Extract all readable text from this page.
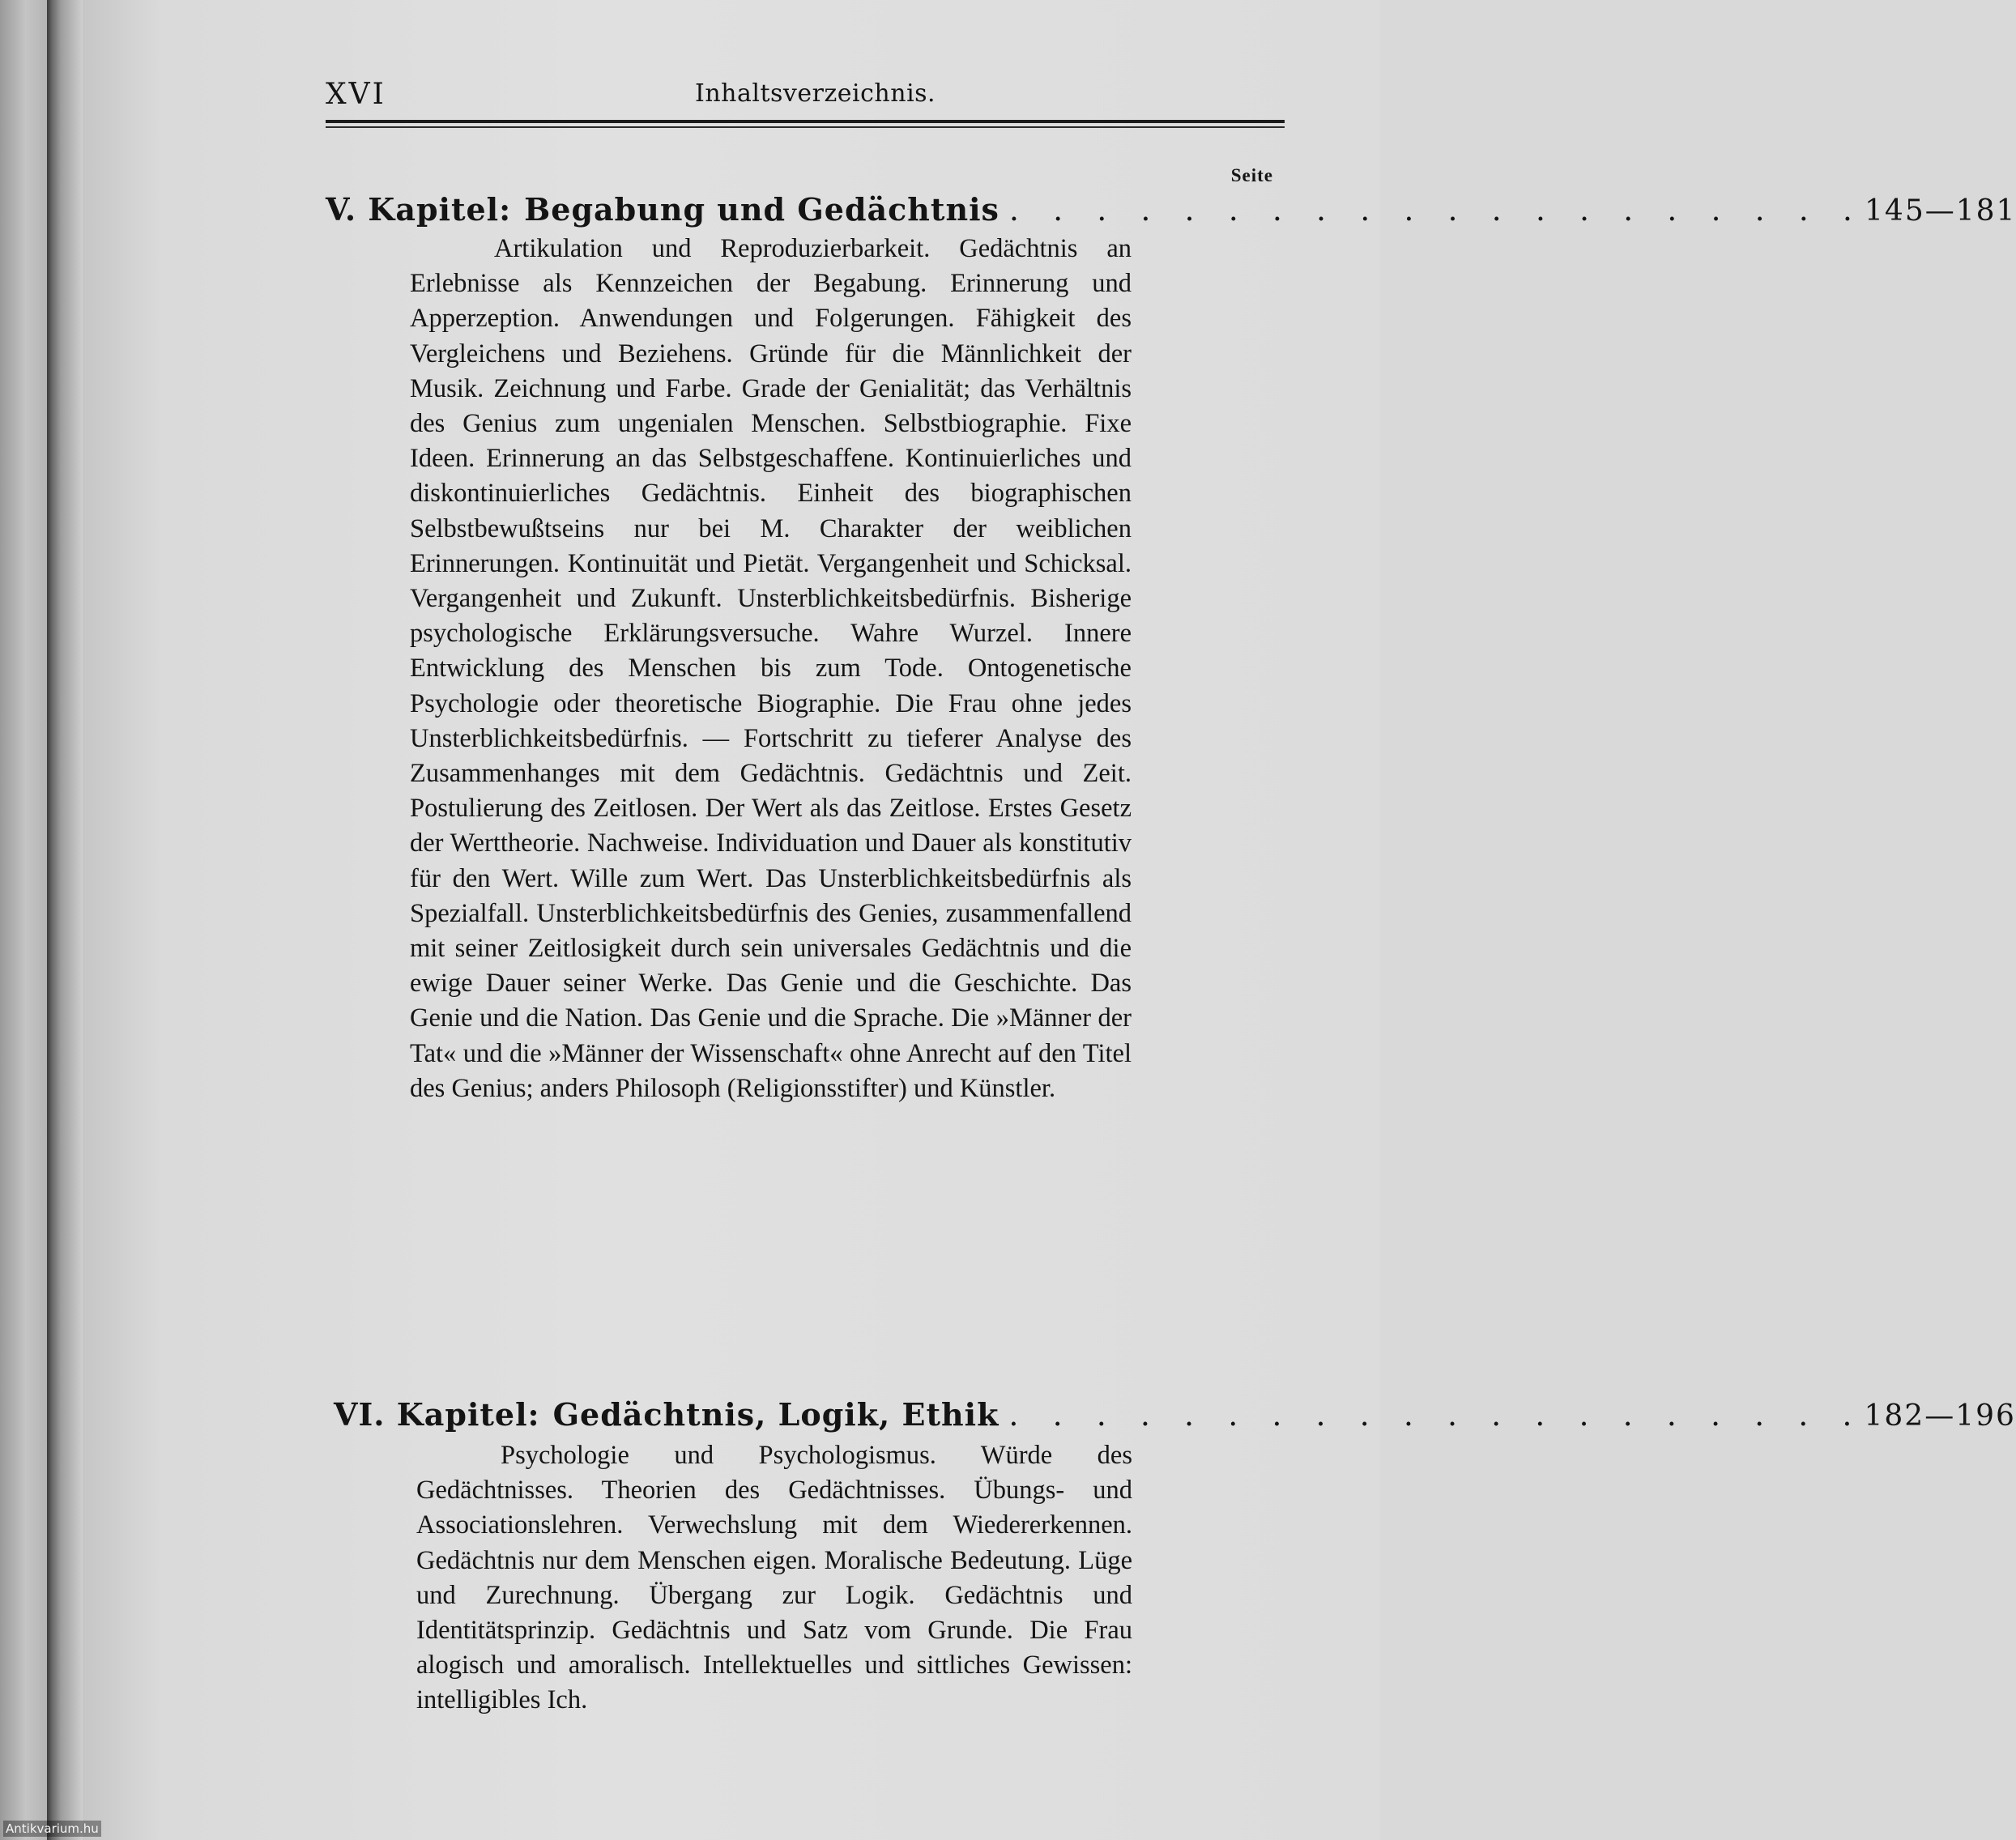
XVI	Inhaltsverzeichnis.
Seite
V. Kapitel: Begabung und Gedächtnis . . . . . . . . . . . . . . . . . . . . 145—181
Artikulation und Reproduzierbarkeit. Gedächtnis an Erlebnisse als Kennzeichen der Begabung. Erinnerung und Apperzeption. Anwendungen und Folgerungen. Fähigkeit des Vergleichens und Beziehens. Gründe für die Männlichkeit der Musik. Zeichnung und Farbe. Grade der Genialität; das Verhältnis des Genius zum ungenialen Menschen. Selbstbiographie. Fixe Ideen. Erinnerung an das Selbstgeschaffene. Kontinuierliches und diskontinuierliches Gedächtnis. Einheit des biographischen Selbstbewußtseins nur bei M. Charakter der weiblichen Erinnerungen. Kontinuität und Pietät. Vergangenheit und Schicksal. Vergangenheit und Zukunft. Unsterblichkeitsbedürfnis. Bisherige psychologische Erklärungsversuche. Wahre Wurzel. Innere Entwicklung des Menschen bis zum Tode. Ontogenetische Psychologie oder theoretische Biographie. Die Frau ohne jedes Unsterblichkeitsbedürfnis. — Fortschritt zu tieferer Analyse des Zusammenhanges mit dem Gedächtnis. Gedächtnis und Zeit. Postulierung des Zeitlosen. Der Wert als das Zeitlose. Erstes Gesetz der Werttheorie. Nachweise. Individuation und Dauer als konstitutiv für den Wert. Wille zum Wert. Das Unsterblichkeitsbedürfnis als Spezialfall. Unsterblichkeitsbedürfnis des Genies, zusammenfallend mit seiner Zeitlosigkeit durch sein universales Gedächtnis und die ewige Dauer seiner Werke. Das Genie und die Geschichte. Das Genie und die Nation. Das Genie und die Sprache. Die »Männer der Tat« und die »Männer der Wissenschaft« ohne Anrecht auf den Titel des Genius; anders Philosoph (Religionsstifter) und Künstler.
VI. Kapitel: Gedächtnis, Logik, Ethik . . . . . . . . . . . . . . . . . . . . 182—196
Psychologie und Psychologismus. Würde des Gedächtnisses. Theorien des Gedächtnisses. Übungs- und Associationslehren. Verwechslung mit dem Wiedererkennen. Gedächtnis nur dem Menschen eigen. Moralische Bedeutung. Lüge und Zurechnung. Übergang zur Logik. Gedächtnis und Identitätsprinzip. Gedächtnis und Satz vom Grunde. Die Frau alogisch und amoralisch. Intellektuelles und sittliches Gewissen: intelligibles Ich.
Antikvarium.hu
